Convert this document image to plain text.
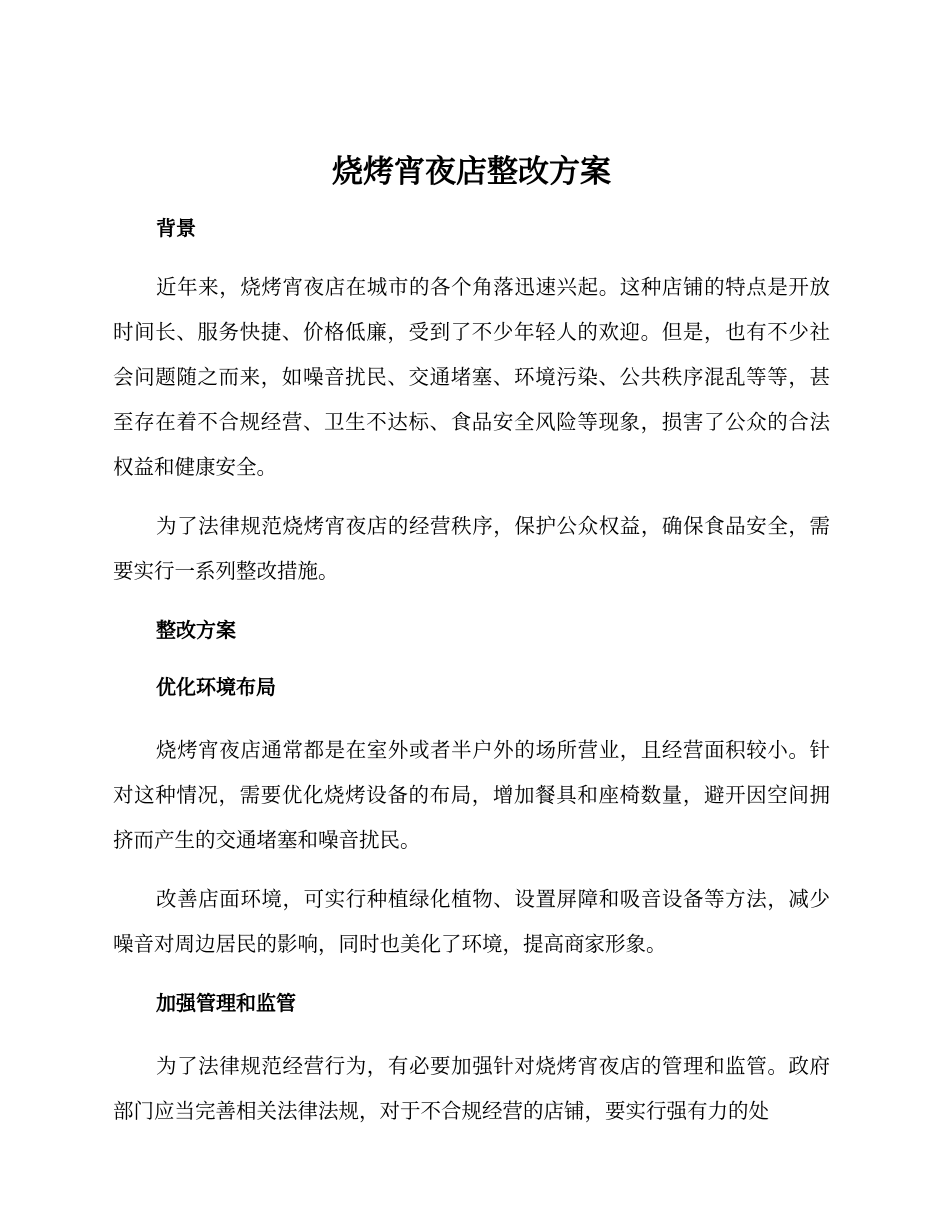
烧烤宵夜店整改方案
背景

近年来，烧烤宵夜店在城市的各个角落迅速兴起。这种店铺的特点是开放时间长、服务快捷、价格低廉，受到了不少年轻人的欢迎。但是，也有不少社会问题随之而来，如噪音扰民、交通堵塞、环境污染、公共秩序混乱等等，甚至存在着不合规经营、卫生不达标、食品安全风险等现象，损害了公众的合法权益和健康安全。

为了法律规范烧烤宵夜店的经营秩序，保护公众权益，确保食品安全，需要实行一系列整改措施。

整改方案
优化环境布局

烧烤宵夜店通常都是在室外或者半户外的场所营业，且经营面积较小。针对这种情况，需要优化烧烤设备的布局，增加餐具和座椅数量，避开因空间拥挤而产生的交通堵塞和噪音扰民。

改善店面环境，可实行种植绿化植物、设置屏障和吸音设备等方法，减少噪音对周边居民的影响，同时也美化了环境，提高商家形象。

加强管理和监管

为了法律规范经营行为，有必要加强针对烧烤宵夜店的管理和监管。政府部门应当完善相关法律法规，对于不合规经营的店铺，要实行强有力的处
